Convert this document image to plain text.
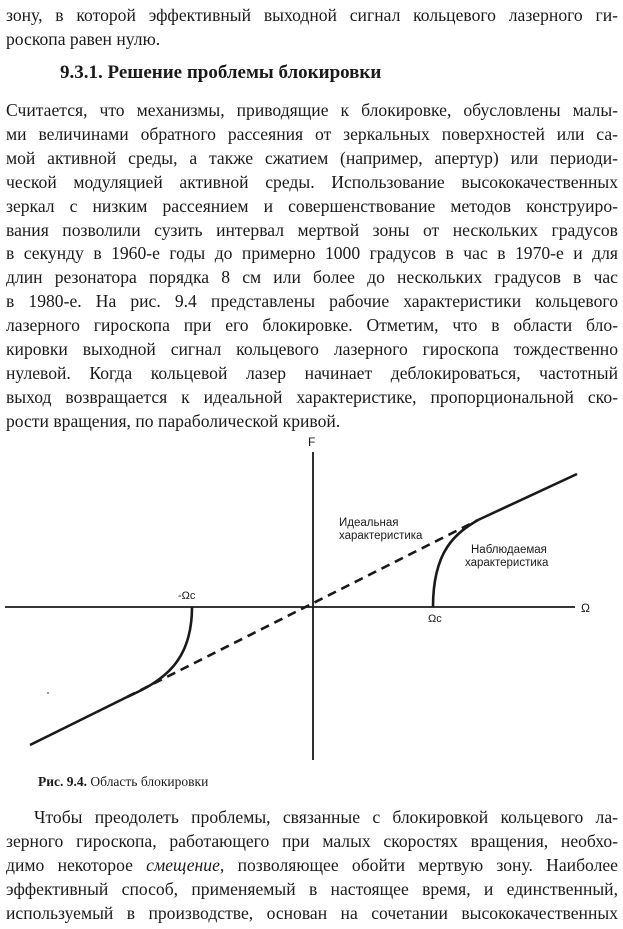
зону, в которой эффективный выходной сигнал кольцевого лазерного ги-
роскопа равен нулю.

9.3.1. Решение проблемы блокировки

Считается, что механизмы, приводящие к блокировке, обусловлены малы-
ми величинами обратного рассеяния от зеркальных поверхностей или са-
мой активной среды, а также сжатием (например, апертур) или периоди-
ческой модуляцией активной среды. Использование высококачественных
зеркал с низким рассеянием и совершенствование методов конструиро-
вания позволили сузить интервал мертвой зоны от нескольких градусов
в секунду в 1960-е годы до примерно 1000 градусов в час в 1970-е и для
длин резонатора порядка 8 см или более до нескольких градусов в час
в 1980-е. На рис. 9.4 представлены рабочие характеристики кольцевого
лазерного гироскопа при его блокировке. Отметим, что в области бло-
кировки выходной сигнал кольцевого лазерного гироскопа тождественно
нулевой. Когда кольцевой лазер начинает деблокироваться, частотный
выход возвращается к идеальной характеристике, пропорциональной ско-
рости вращения, по параболической кривой.

F
Ω
Идеальная
характеристика
Наблюдаемая
характеристика
-Ωc
Ωc
Рис. 9.4. Область блокировки

Чтобы преодолеть проблемы, связанные с блокировкой кольцевого ла-
зерного гироскопа, работающего при малых скоростях вращения, необхо-
димо некоторое смещение, позволяющее обойти мертвую зону. Наиболее
эффективный способ, применяемый в настоящее время, и единственный,
используемый в производстве, основан на сочетании высококачественных
